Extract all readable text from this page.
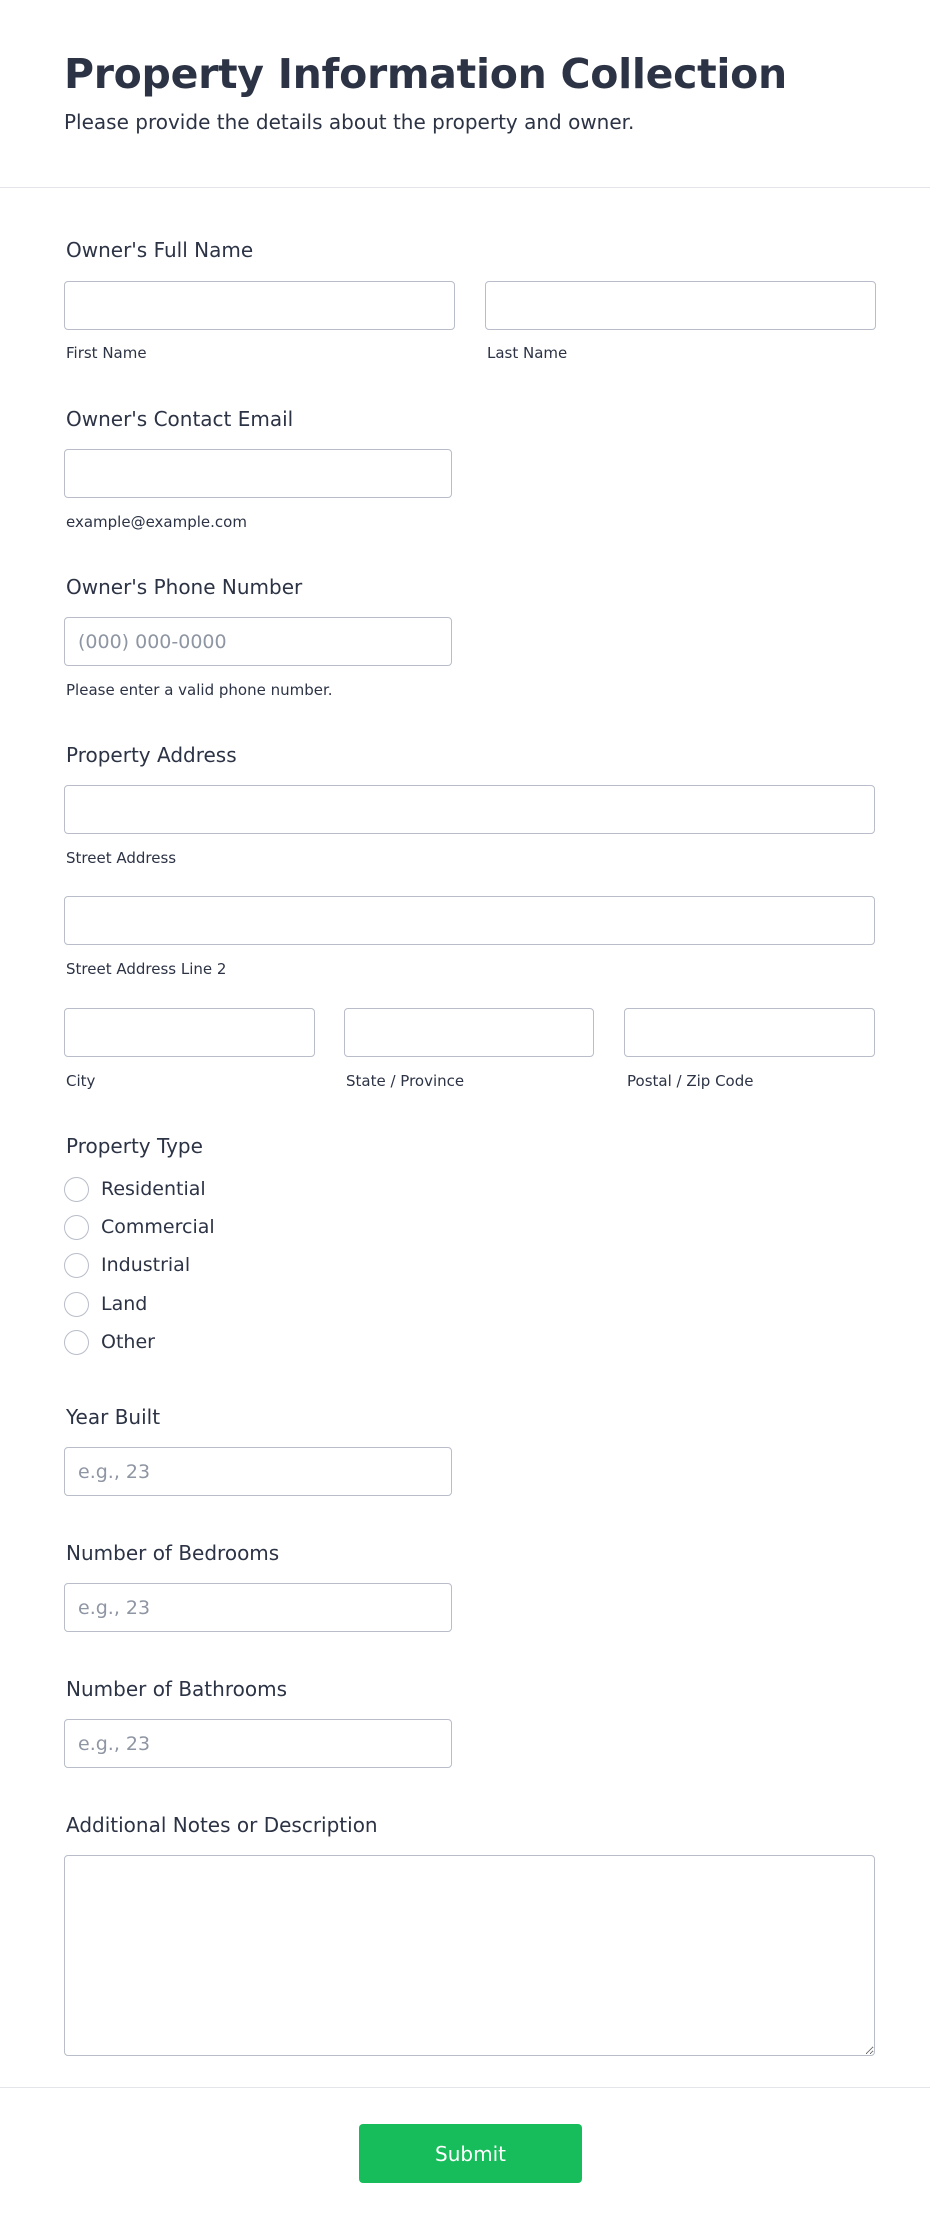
Property Information Collection

Please provide the details about the property and owner.

Owner's Full Name
First Name	Last Name
Owner's Contact Email
example@example.com
Owner's Phone Number
(000) 000-0000
Please enter a valid phone number.
Property Address
Street Address
Street Address Line 2
City	State / Province	Postal / Zip Code
Property Type
Residential
Commercial
Industrial
Land
Other
Year Built
e.g., 23
Number of Bedrooms
e.g., 23
Number of Bathrooms
e.g., 23
Additional Notes or Description
Submit
